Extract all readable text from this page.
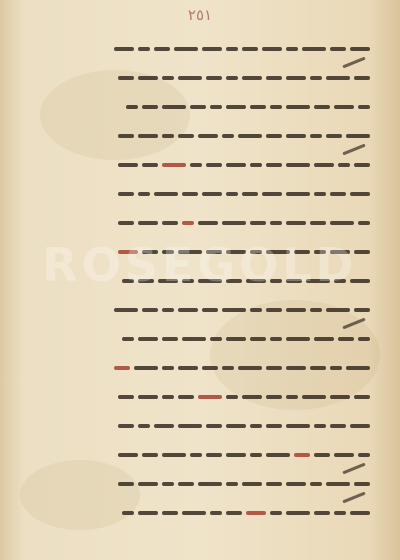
٢٥١
ROSEGOLD
